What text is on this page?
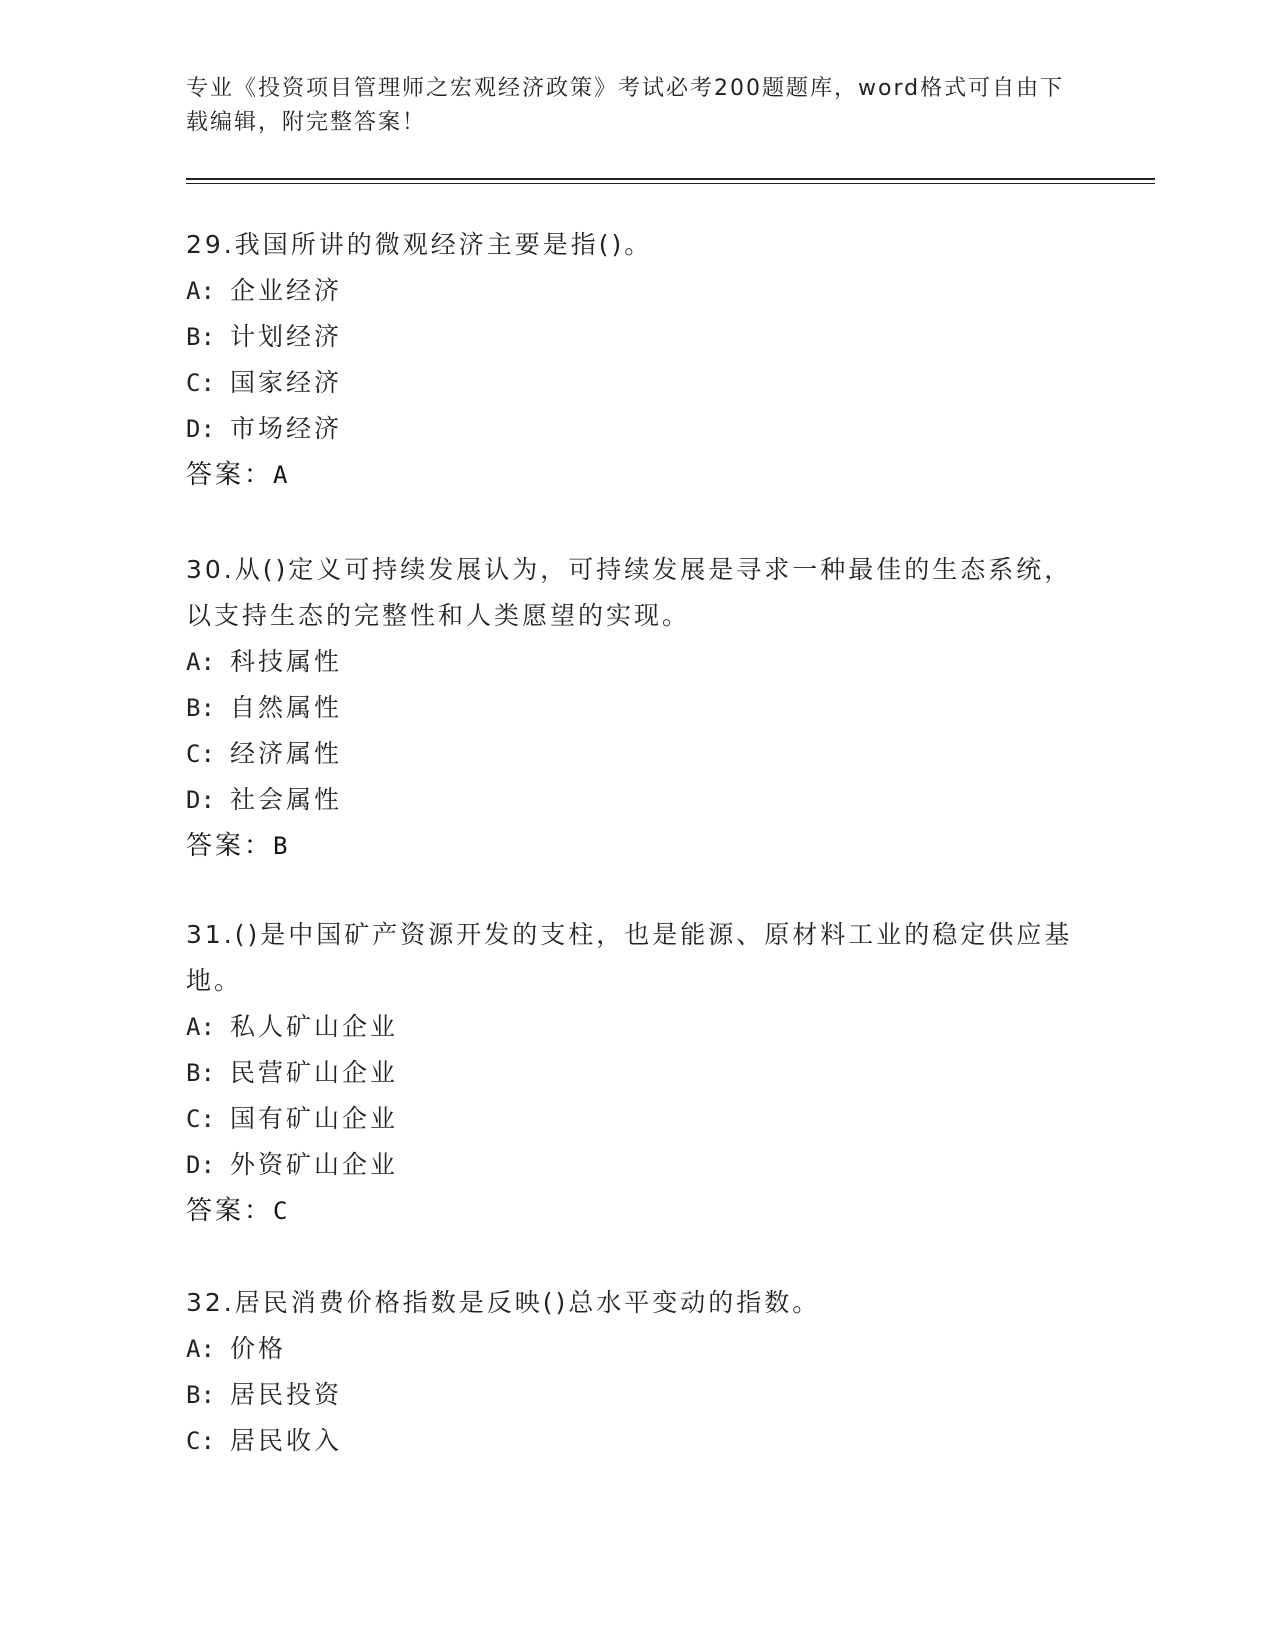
专业《投资项目管理师之宏观经济政策》考试必考200题题库，word格式可自由下载编辑，附完整答案！

29.我国所讲的微观经济主要是指()。

A: 企业经济

B: 计划经济

C: 国家经济

D: 市场经济

答案：A

30.从()定义可持续发展认为，可持续发展是寻求一种最佳的生态系统，以支持生态的完整性和人类愿望的实现。

A: 科技属性

B: 自然属性

C: 经济属性

D: 社会属性

答案：B

31.()是中国矿产资源开发的支柱，也是能源、原材料工业的稳定供应基地。

A: 私人矿山企业

B: 民营矿山企业

C: 国有矿山企业

D: 外资矿山企业

答案：C

32.居民消费价格指数是反映()总水平变动的指数。

A: 价格

B: 居民投资

C: 居民收入
